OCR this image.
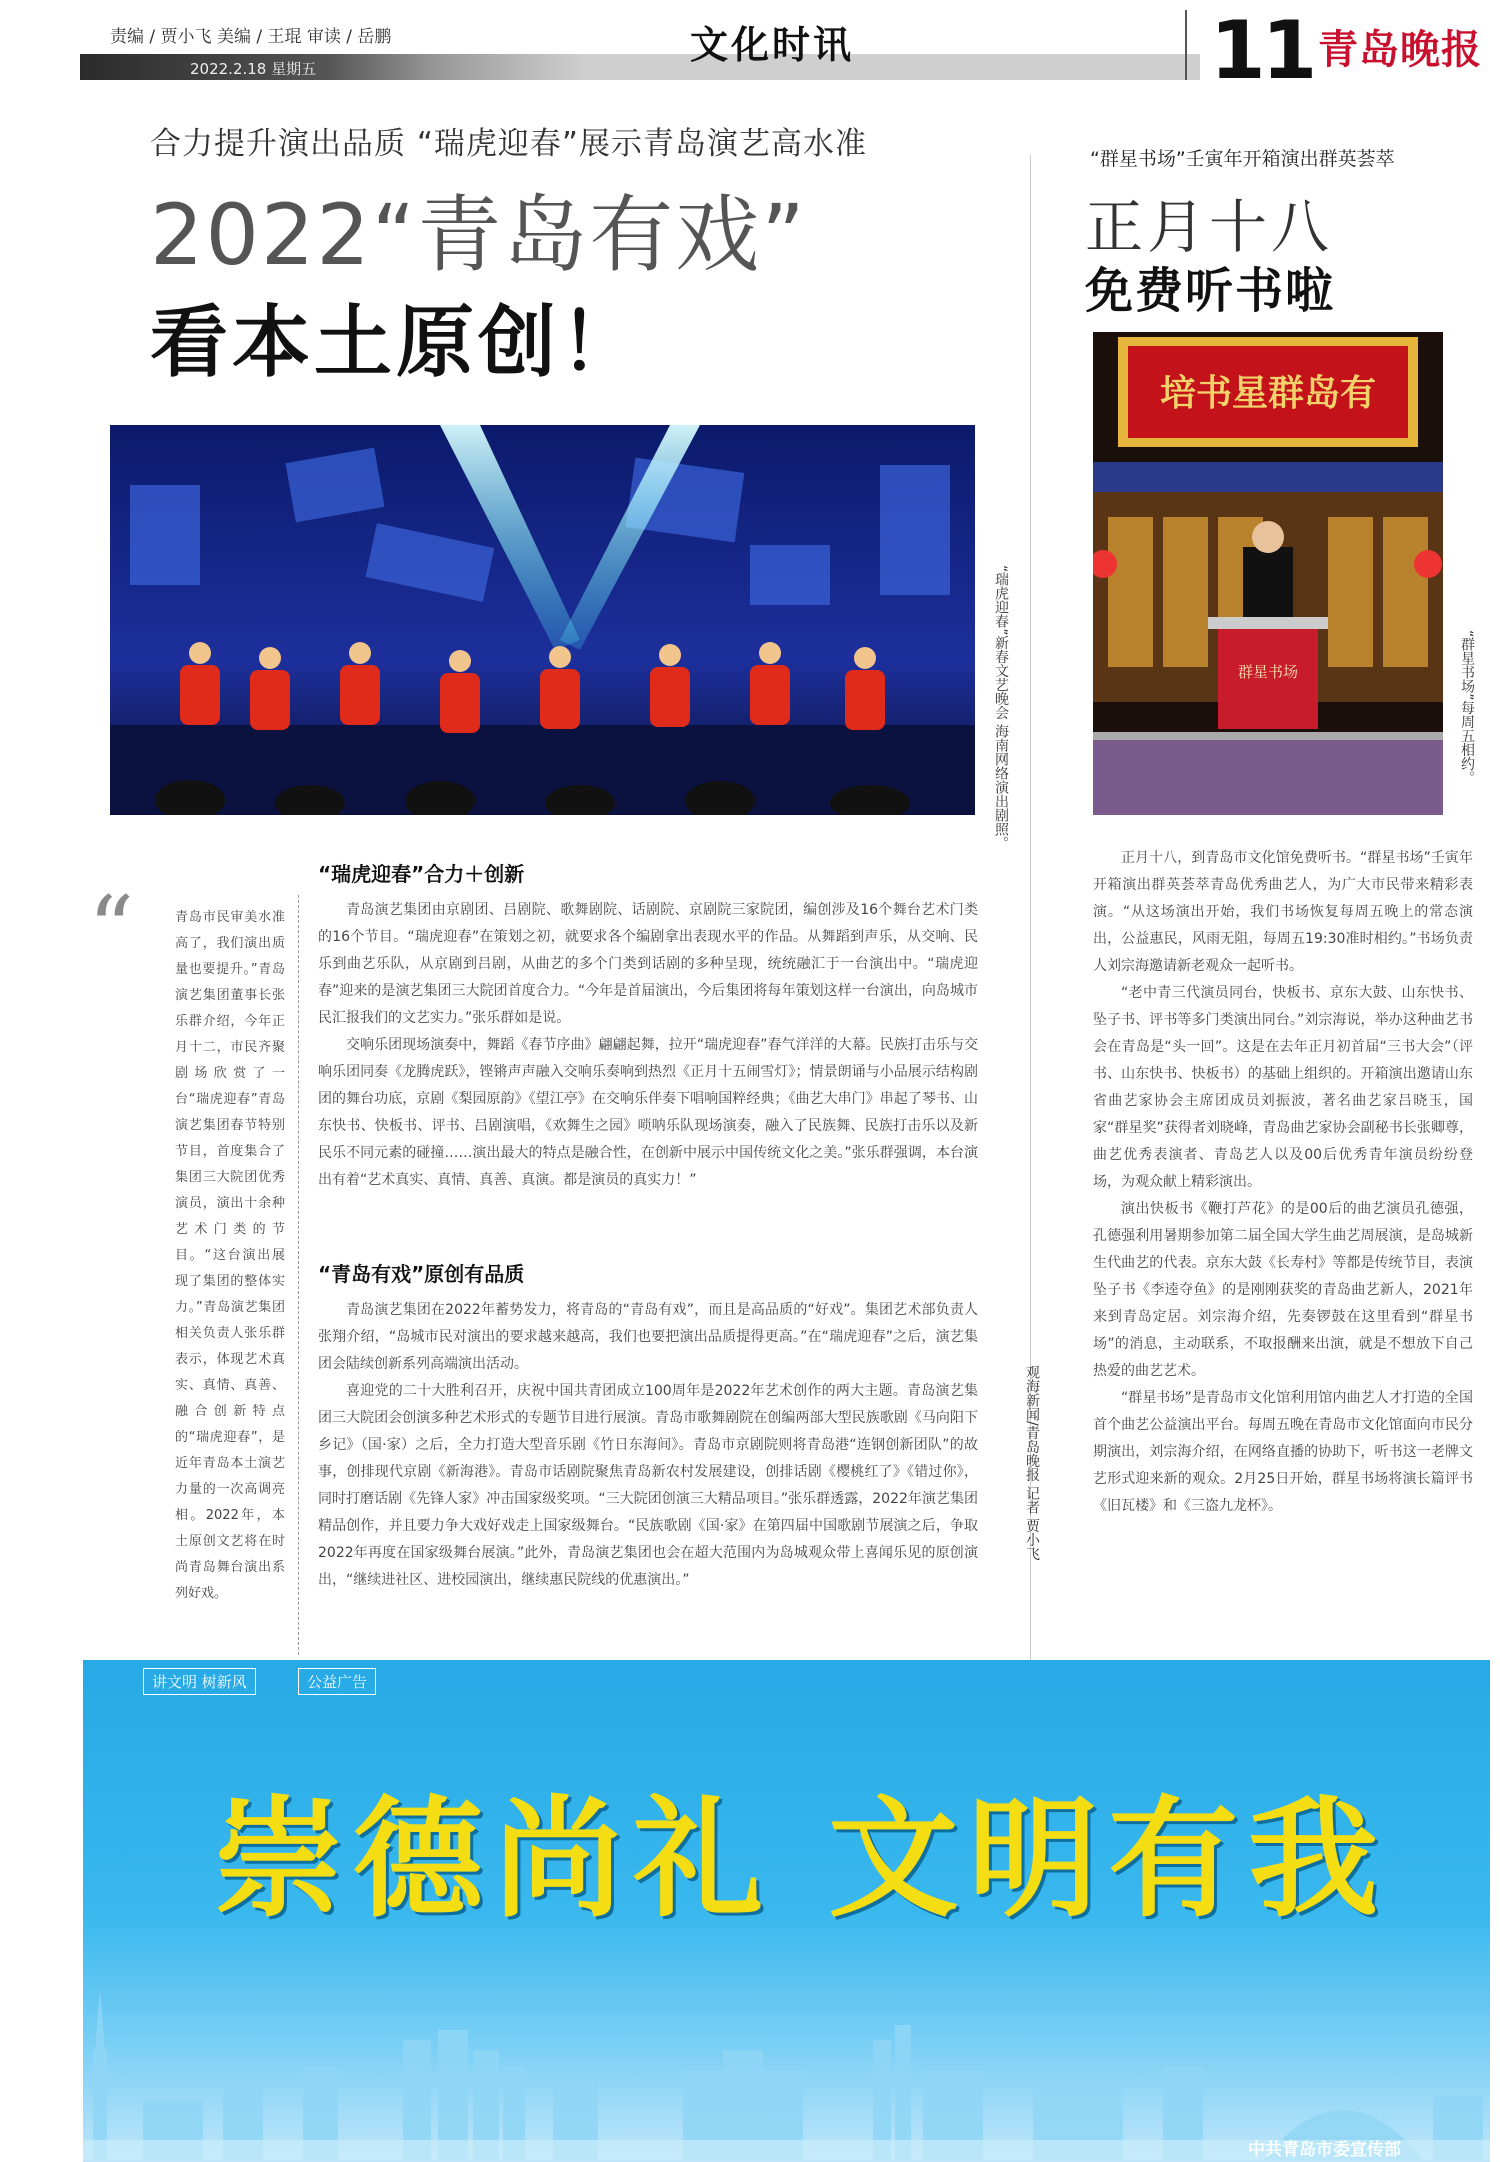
责编 / 贾小飞 美编 / 王琨 审读 / 岳鹏
2022.2.18 星期五
文化时讯	11 青岛晚报
合力提升演出品质 “瑞虎迎春”展示青岛演艺高水准
2022“青岛有戏”
看本土原创！
“瑞虎迎春”新春文艺晚会 海南网络演出剧照。
“	青岛市民审美水准高了，我们演出质量也要提升。”青岛演艺集团董事长张乐群介绍，今年正月十二，市民齐聚剧场欣赏了一台“瑞虎迎春”青岛演艺集团春节特别节目，首度集合了集团三大院团优秀演员，演出十余种艺术门类的节目。“这台演出展现了集团的整体实力。”青岛演艺集团相关负责人张乐群表示，体现艺术真实、真情、真善、融合创新特点的“瑞虎迎春”，是近年青岛本土演艺力量的一次高调亮相。2022年，本土原创文艺将在时尚青岛舞台演出系列好戏。
“瑞虎迎春”合力＋创新

青岛演艺集团由京剧团、吕剧院、歌舞剧院、话剧院、京剧院三家院团，编创涉及16个舞台艺术门类的16个节目。“瑞虎迎春”在策划之初，就要求各个编剧拿出表现水平的作品。从舞蹈到声乐，从交响、民乐到曲艺乐队，从京剧到吕剧，从曲艺的多个门类到话剧的多种呈现，统统融汇于一台演出中。“瑞虎迎春”迎来的是演艺集团三大院团首度合力。“今年是首届演出，今后集团将每年策划这样一台演出，向岛城市民汇报我们的文艺实力。”张乐群如是说。

交响乐团现场演奏中，舞蹈《春节序曲》翩翩起舞，拉开“瑞虎迎春”春气洋洋的大幕。民族打击乐与交响乐团同奏《龙腾虎跃》，铿锵声声融入交响乐奏响到热烈《正月十五闹雪灯》；情景朗诵与小品展示结构剧团的舞台功底，京剧《梨园原韵》《望江亭》在交响乐伴奏下唱响国粹经典；《曲艺大串门》串起了琴书、山东快书、快板书、评书、吕剧演唱，《欢舞生之园》唢呐乐队现场演奏，融入了民族舞、民族打击乐以及新民乐不同元素的碰撞……演出最大的特点是融合性，在创新中展示中国传统文化之美。”张乐群强调，本台演出有着“艺术真实、真情、真善、真演。都是演员的真实力！”

“青岛有戏”原创有品质

青岛演艺集团在2022年蓄势发力，将青岛的“青岛有戏”，而且是高品质的“好戏”。集团艺术部负责人张翔介绍，“岛城市民对演出的要求越来越高，我们也要把演出品质提得更高。”在“瑞虎迎春”之后，演艺集团会陆续创新系列高端演出活动。

喜迎党的二十大胜利召开，庆祝中国共青团成立100周年是2022年艺术创作的两大主题。青岛演艺集团三大院团会创演多种艺术形式的专题节目进行展演。青岛市歌舞剧院在创编两部大型民族歌剧《马向阳下乡记》（国·家）之后，全力打造大型音乐剧《竹日东海间》。青岛市京剧院则将青岛港“连钢创新团队”的故事，创排现代京剧《新海港》。青岛市话剧院聚焦青岛新农村发展建设，创排话剧《樱桃红了》《错过你》，同时打磨话剧《先锋人家》冲击国家级奖项。“三大院团创演三大精品项目。”张乐群透露，2022年演艺集团精品创作，并且要力争大戏好戏走上国家级舞台。“民族歌剧《国·家》在第四届中国歌剧节展演之后，争取2022年再度在国家级舞台展演。”此外，青岛演艺集团也会在超大范围内为岛城观众带上喜闻乐见的原创演出，“继续进社区、进校园演出，继续惠民院线的优惠演出。”

观海新闻/青岛晚报 记者 贾小飞
“群星书场”壬寅年开箱演出群英荟萃
正月十八
免费听书啦
培书星群岛有
群星书场	“群星书场”每周五相约。

正月十八，到青岛市文化馆免费听书。“群星书场”壬寅年开箱演出群英荟萃青岛优秀曲艺人，为广大市民带来精彩表演。“从这场演出开始，我们书场恢复每周五晚上的常态演出，公益惠民，风雨无阻，每周五19:30准时相约。”书场负责人刘宗海邀请新老观众一起听书。

“老中青三代演员同台，快板书、京东大鼓、山东快书、坠子书、评书等多门类演出同台。”刘宗海说，举办这种曲艺书会在青岛是“头一回”。这是在去年正月初首届“三书大会”（评书、山东快书、快板书）的基础上组织的。开箱演出邀请山东省曲艺家协会主席团成员刘振波，著名曲艺家吕晓玉，国家“群星奖”获得者刘晓峰，青岛曲艺家协会副秘书长张卿尊，曲艺优秀表演者、青岛艺人以及00后优秀青年演员纷纷登场，为观众献上精彩演出。

演出快板书《鞭打芦花》的是00后的曲艺演员孔德强，孔德强利用暑期参加第二届全国大学生曲艺周展演，是岛城新生代曲艺的代表。京东大鼓《长寿村》等都是传统节目，表演坠子书《李逵夺鱼》的是刚刚获奖的青岛曲艺新人，2021年来到青岛定居。刘宗海介绍，先奏锣鼓在这里看到“群星书场”的消息，主动联系，不取报酬来出演，就是不想放下自己热爱的曲艺艺术。

“群星书场”是青岛市文化馆利用馆内曲艺人才打造的全国首个曲艺公益演出平台。每周五晚在青岛市文化馆面向市民分期演出，刘宗海介绍，在网络直播的协助下，听书这一老牌文艺形式迎来新的观众。2月25日开始，群星书场将演长篇评书《旧瓦楼》和《三盗九龙杯》。

讲文明 树新风	公益广告
崇德尚礼 文明有我
中共青岛市委宣传部
